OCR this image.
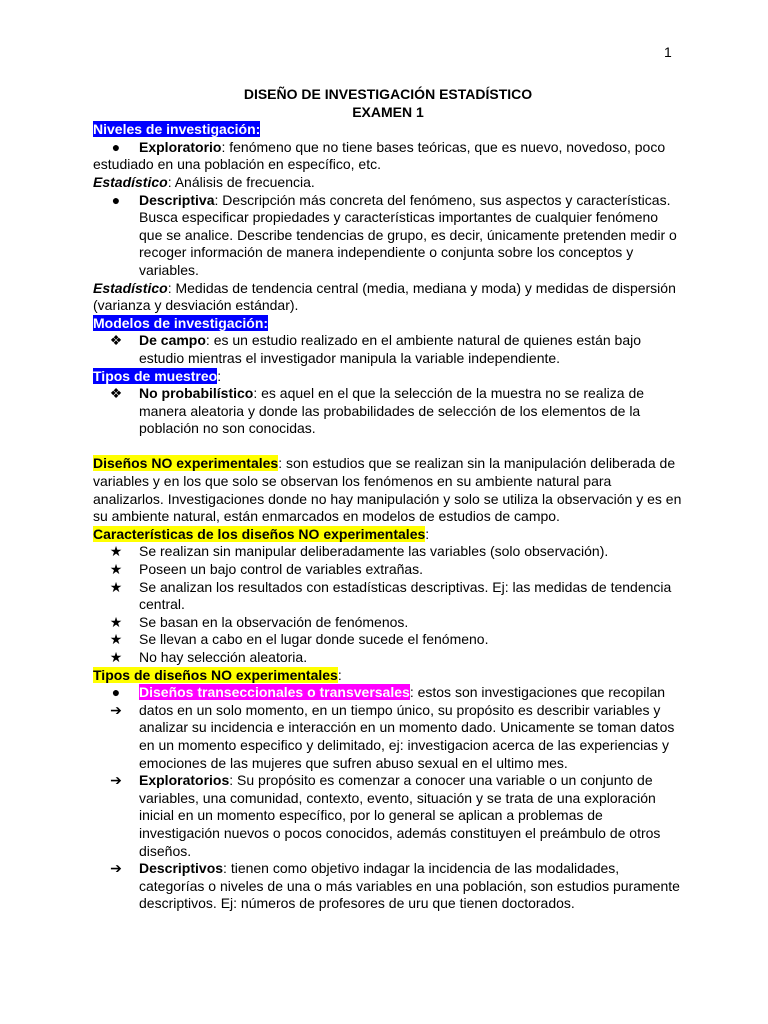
1

DISEÑO DE INVESTIGACIÓN ESTADÍSTICO

EXAMEN 1

Niveles de investigación:

●	Exploratorio: fenómeno que no tiene bases teóricas, que es nuevo, novedoso, poco

estudiado en una población en específico, etc.

Estadístico: Análisis de frecuencia.

●	Descriptiva: Descripción más concreta del fenómeno, sus aspectos y características. Busca especificar propiedades y características importantes de cualquier fenómeno que se analice. Describe tendencias de grupo, es decir, únicamente pretenden medir o recoger información de manera independiente o conjunta sobre los conceptos y variables.

Estadístico: Medidas de tendencia central (media, mediana y moda) y medidas de dispersión (varianza y desviación estándar).

Modelos de investigación:

❖	De campo: es un estudio realizado en el ambiente natural de quienes están bajo estudio mientras el investigador manipula la variable independiente.

Tipos de muestreo:

❖	No probabilístico: es aquel en el que la selección de la muestra no se realiza de manera aleatoria y donde las probabilidades de selección de los elementos de la población no son conocidas.

Diseños NO experimentales: son estudios que se realizan sin la manipulación deliberada de variables y en los que solo se observan los fenómenos en su ambiente natural para analizarlos. Investigaciones donde no hay manipulación y solo se utiliza la observación y es en su ambiente natural, están enmarcados en modelos de estudios de campo.

Características de los diseños NO experimentales:

★	Se realizan sin manipular deliberadamente las variables (solo observación).
★	Poseen un bajo control de variables extrañas.
★	Se analizan los resultados con estadísticas descriptivas. Ej: las medidas de tendencia central.
★	Se basan en la observación de fenómenos.
★	Se llevan a cabo en el lugar donde sucede el fenómeno.
★	No hay selección aleatoria.

Tipos de diseños NO experimentales:

●	Diseños transeccionales o transversales: estos son investigaciones que recopilan
➔	datos en un solo momento, en un tiempo único, su propósito es describir variables y analizar su incidencia e interacción en un momento dado. Unicamente se toman datos en un momento especifico y delimitado, ej: investigacion acerca de las experiencias y emociones de las mujeres que sufren abuso sexual en el ultimo mes.
➔	Exploratorios: Su propósito es comenzar a conocer una variable o un conjunto de variables, una comunidad, contexto, evento, situación y se trata de una exploración inicial en un momento específico, por lo general se aplican a problemas de investigación nuevos o pocos conocidos, además constituyen el preámbulo de otros diseños.
➔	Descriptivos: tienen como objetivo indagar la incidencia de las modalidades, categorías o niveles de una o más variables en una población, son estudios puramente descriptivos. Ej: números de profesores de uru que tienen doctorados.
